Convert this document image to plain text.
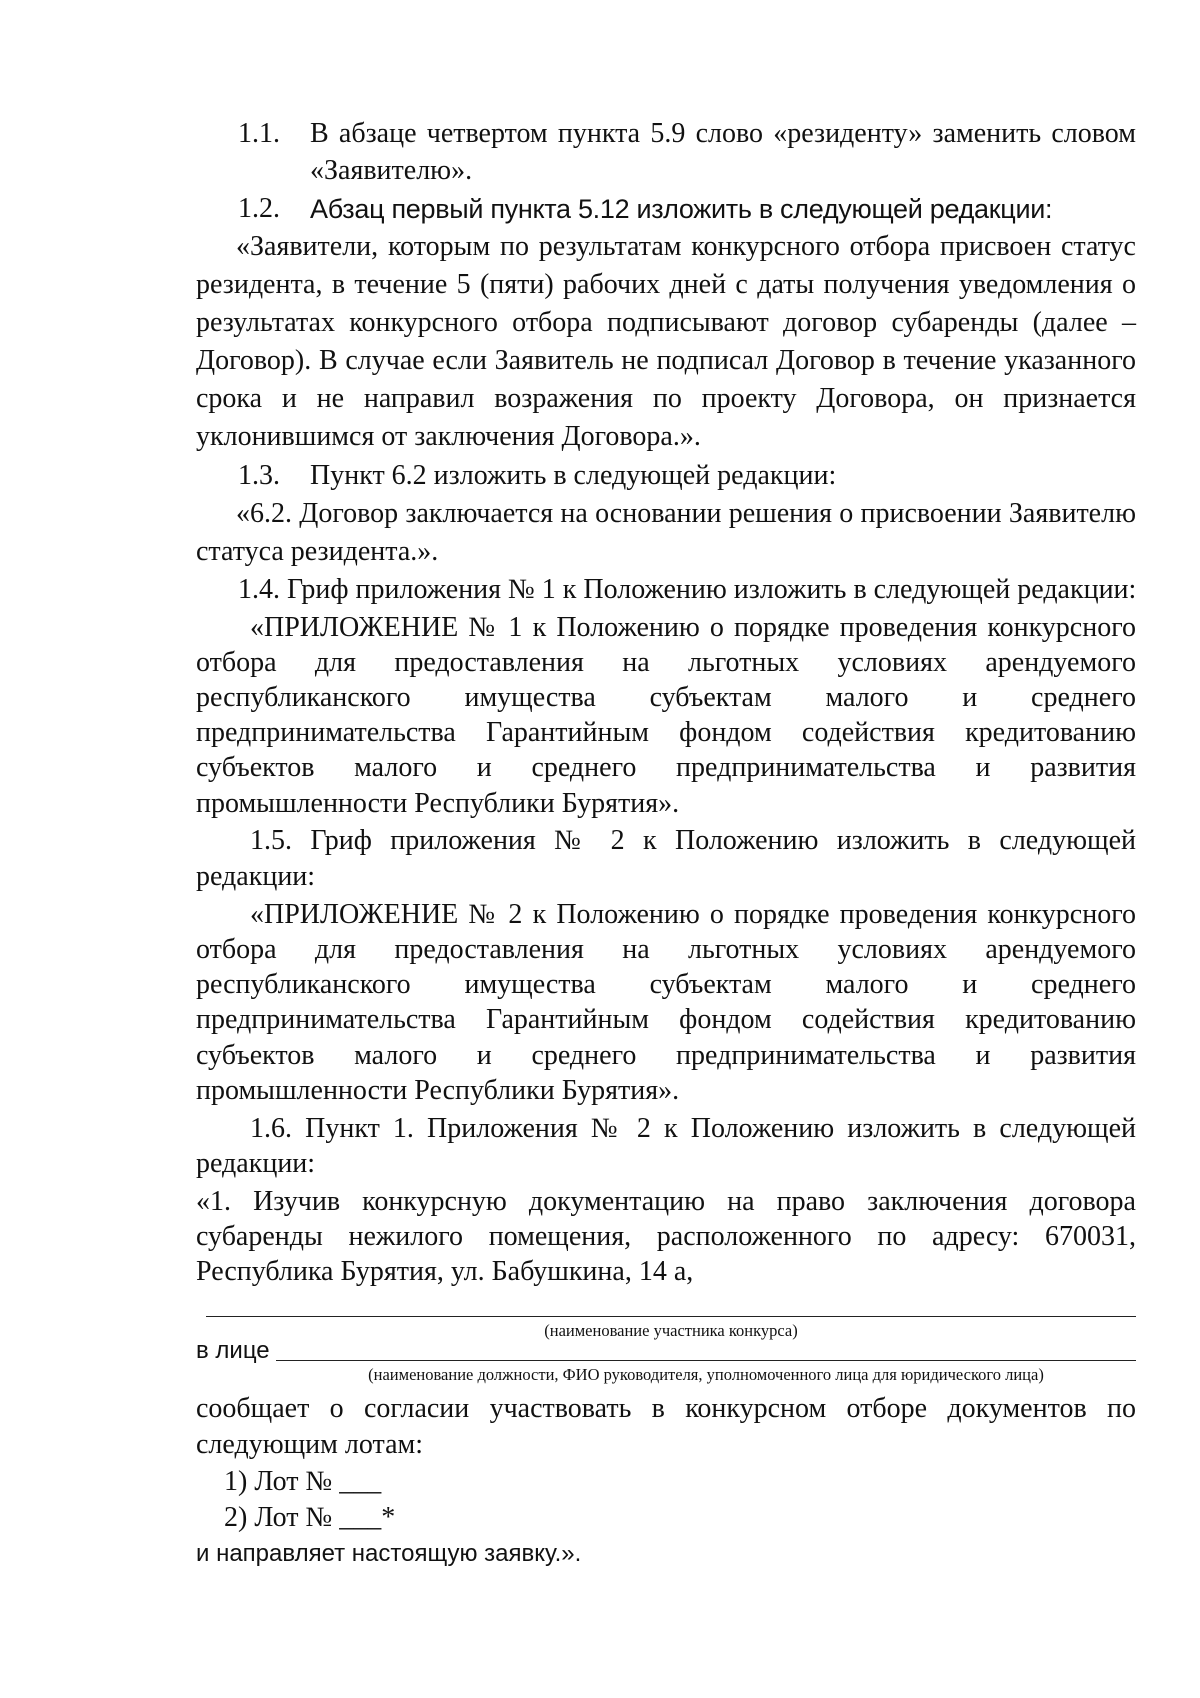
1.1.	В абзаце четвертом пункта 5.9 слово «резиденту» заменить словом
«Заявителю».
1.2.	Абзац первый пункта 5.12 изложить в следующей редакции:
«Заявители, которым по результатам конкурсного отбора присвоен статус
резидента, в течение 5 (пяти) рабочих дней с даты получения уведомления о
результатах конкурсного отбора подписывают договор субаренды (далее –
Договор). В случае если Заявитель не подписал Договор в течение указанного
срока и не направил возражения по проекту Договора, он признается
уклонившимся от заключения Договора.».
1.3.	Пункт 6.2 изложить в следующей редакции:
«6.2. Договор заключается на основании решения о присвоении Заявителю
статуса резидента.».
1.4. Гриф приложения № 1 к Положению изложить в следующей редакции:
«ПРИЛОЖЕНИЕ № 1 к Положению о порядке проведения конкурсного
отбора для предоставления на льготных условиях арендуемого
республиканского имущества субъектам малого и среднего
предпринимательства Гарантийным фондом содействия кредитованию
субъектов малого и среднего предпринимательства и развития
промышленности Республики Бурятия».
1.5. Гриф приложения № 2 к Положению изложить в следующей
редакции:
«ПРИЛОЖЕНИЕ № 2 к Положению о порядке проведения конкурсного
отбора для предоставления на льготных условиях арендуемого
республиканского имущества субъектам малого и среднего
предпринимательства Гарантийным фондом содействия кредитованию
субъектов малого и среднего предпринимательства и развития
промышленности Республики Бурятия».
1.6. Пункт 1. Приложения № 2 к Положению изложить в следующей
редакции:
«1. Изучив конкурсную документацию на право заключения договора
субаренды нежилого помещения, расположенного по адресу: 670031,
Республика Бурятия, ул. Бабушкина, 14 а,
(наименование участника конкурса)
в лице
(наименование должности, ФИО руководителя, уполномоченного лица для юридического лица)
сообщает о согласии участвовать в конкурсном отборе документов по
следующим лотам:
1) Лот № ___
2) Лот № ___*
и направляет настоящую заявку.».
